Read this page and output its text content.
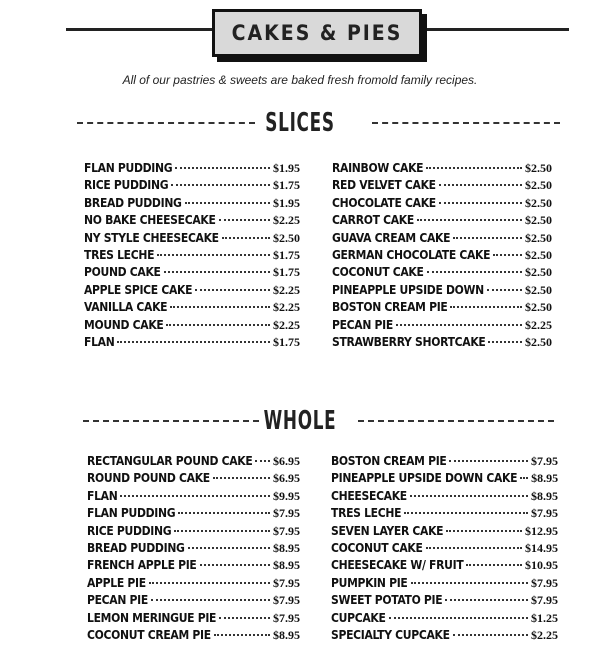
CAKES & PIES
All of our pastries & sweets are baked fresh fromold family recipes.
SLICES
FLAN PUDDING	$1.95
RICE PUDDING	$1.75
BREAD PUDDING	$1.95
NO BAKE CHEESECAKE	$2.25
NY STYLE CHEESECAKE	$2.50
TRES LECHE	$1.75
POUND CAKE	$1.75
APPLE SPICE CAKE	$2.25
VANILLA CAKE	$2.25
MOUND CAKE	$2.25
FLAN	$1.75
RAINBOW CAKE	$2.50
RED VELVET CAKE	$2.50
CHOCOLATE CAKE	$2.50
CARROT CAKE	$2.50
GUAVA CREAM CAKE	$2.50
GERMAN CHOCOLATE CAKE	$2.50
COCONUT CAKE	$2.50
PINEAPPLE UPSIDE DOWN	$2.50
BOSTON CREAM PIE	$2.50
PECAN PIE	$2.25
STRAWBERRY SHORTCAKE	$2.50
WHOLE
RECTANGULAR POUND CAKE $6.95
ROUND POUND CAKE	$6.95
FLAN	$9.95
FLAN PUDDING	$7.95
RICE PUDDING	$7.95
BREAD PUDDING	$8.95
FRENCH APPLE PIE	$8.95
APPLE PIE	$7.95
PECAN PIE	$7.95
LEMON MERINGUE PIE	$7.95
COCONUT CREAM PIE	$8.95
BOSTON CREAM PIE	$7.95
PINEAPPLE UPSIDE DOWN CAKE $8.95
CHEESECAKE	$8.95
TRES LECHE	$7.95
SEVEN LAYER CAKE	$12.95
COCONUT CAKE	$14.95
CHEESECAKE W/ FRUIT	$10.95
PUMPKIN PIE	$7.95
SWEET POTATO PIE	$7.95
CUPCAKE	$1.25
SPECIALTY CUPCAKE	$2.25
